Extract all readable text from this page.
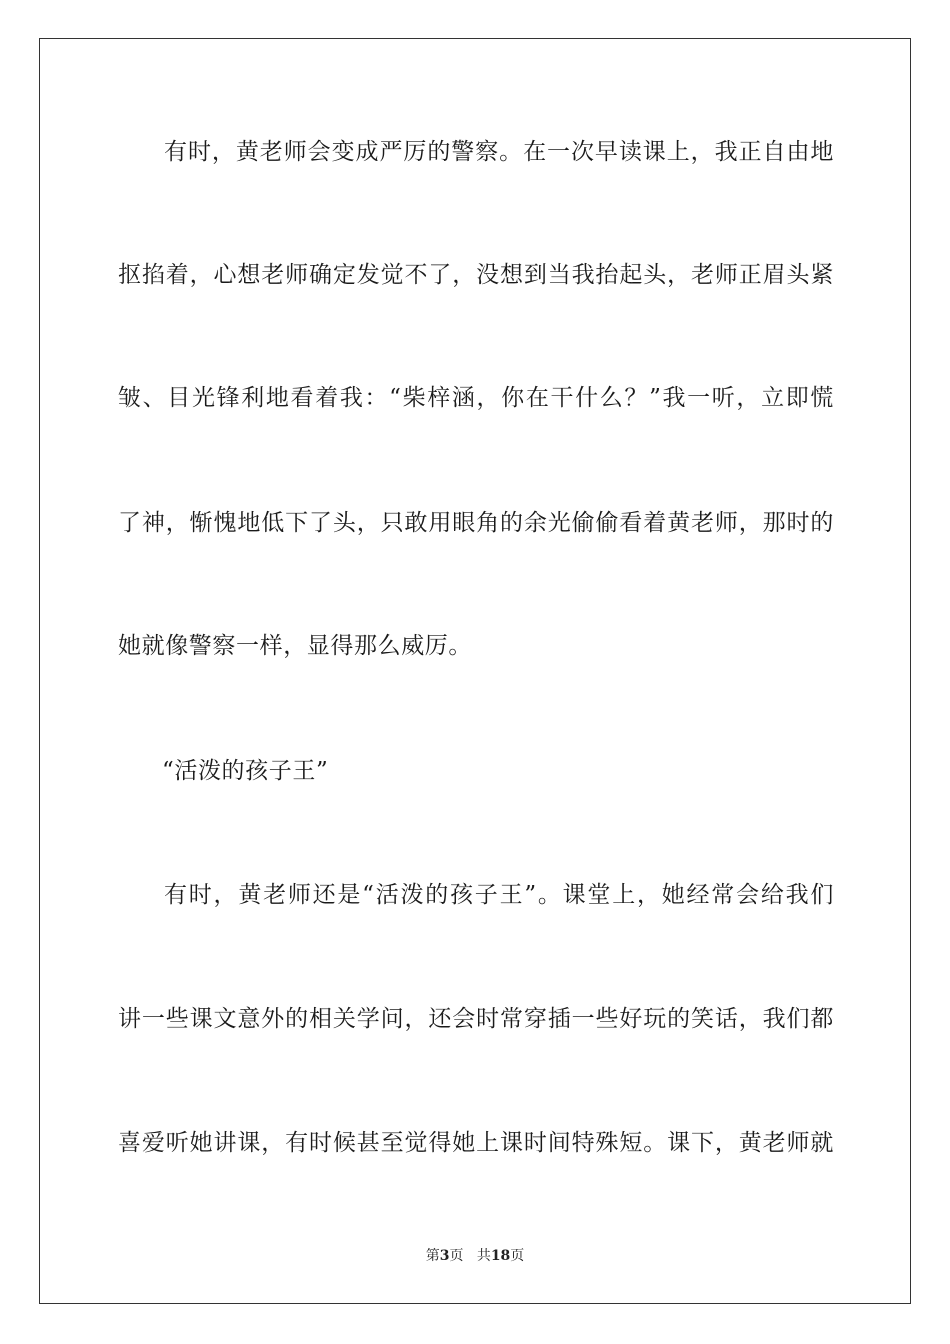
有时，黄老师会变成严厉的警察。在一次早读课上，我正自由地
抠掐着，心想老师确定发觉不了，没想到当我抬起头，老师正眉头紧
皱、目光锋利地看着我：“柴梓涵，你在干什么？”我一听，立即慌
了神，惭愧地低下了头，只敢用眼角的余光偷偷看着黄老师，那时的
她就像警察一样，显得那么威厉。
“活泼的孩子王”
有时，黄老师还是“活泼的孩子王”。课堂上，她经常会给我们
讲一些课文意外的相关学问，还会时常穿插一些好玩的笑话，我们都
喜爱听她讲课，有时候甚至觉得她上课时间特殊短。课下，黄老师就
第3页 共18页
